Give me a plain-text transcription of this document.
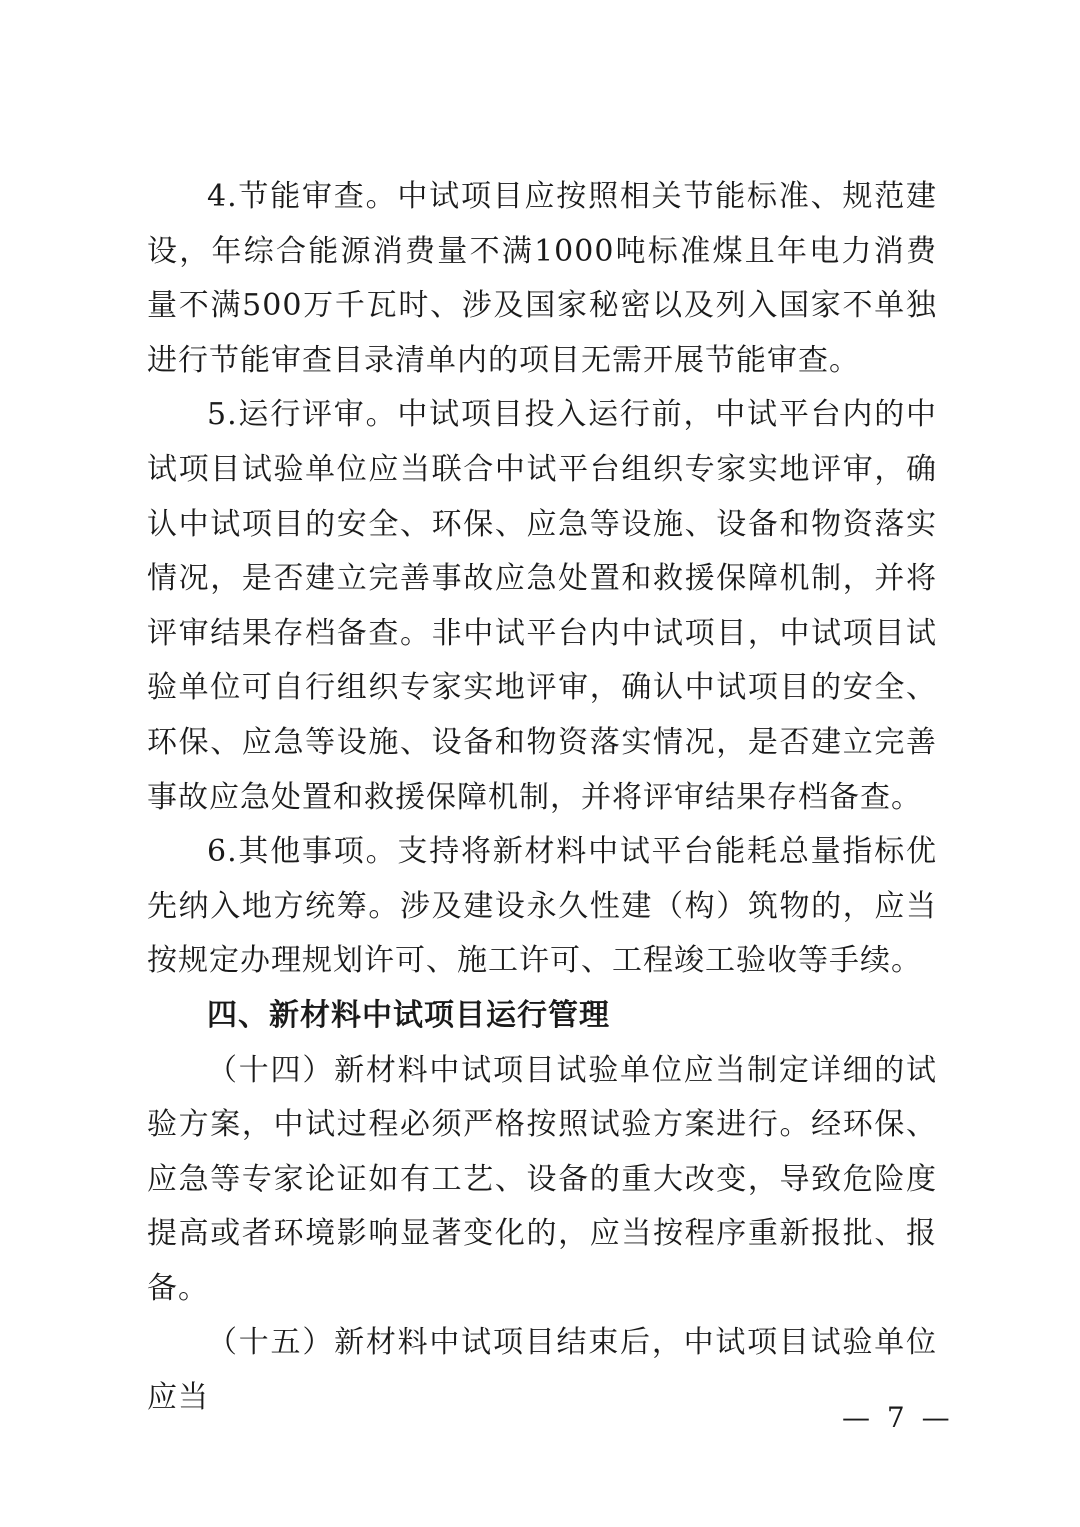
4.节能审查。中试项目应按照相关节能标准、规范建设，年综合能源消费量不满1000吨标准煤且年电力消费量不满500万千瓦时、涉及国家秘密以及列入国家不单独进行节能审查目录清单内的项目无需开展节能审查。

5.运行评审。中试项目投入运行前，中试平台内的中试项目试验单位应当联合中试平台组织专家实地评审，确认中试项目的安全、环保、应急等设施、设备和物资落实情况，是否建立完善事故应急处置和救援保障机制，并将评审结果存档备查。非中试平台内中试项目，中试项目试验单位可自行组织专家实地评审，确认中试项目的安全、环保、应急等设施、设备和物资落实情况，是否建立完善事故应急处置和救援保障机制，并将评审结果存档备查。

6.其他事项。支持将新材料中试平台能耗总量指标优先纳入地方统筹。涉及建设永久性建（构）筑物的，应当按规定办理规划许可、施工许可、工程竣工验收等手续。

四、新材料中试项目运行管理

（十四）新材料中试项目试验单位应当制定详细的试验方案，中试过程必须严格按照试验方案进行。经环保、应急等专家论证如有工艺、设备的重大改变，导致危险度提高或者环境影响显著变化的，应当按程序重新报批、报备。

（十五）新材料中试项目结束后，中试项目试验单位应当

— 7 —
